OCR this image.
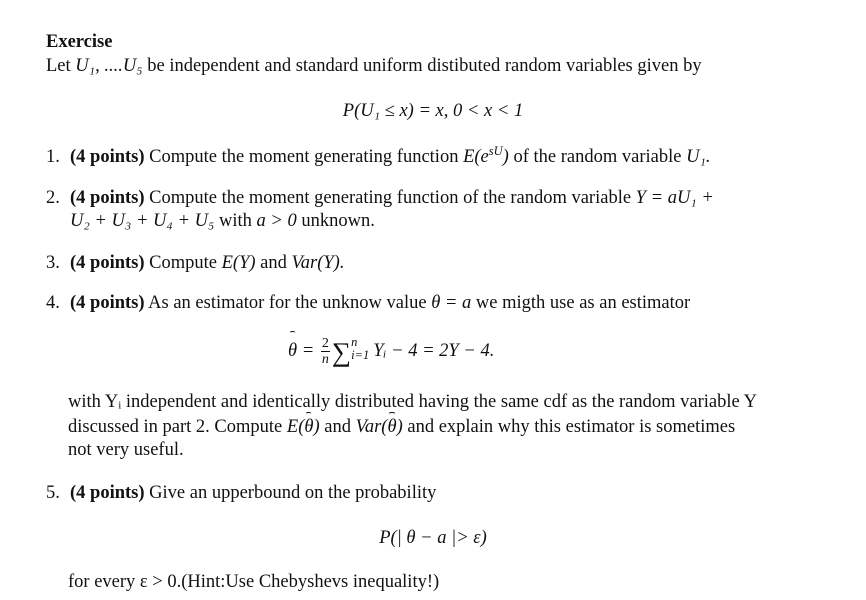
Exercise
Let U₁, ....U₅ be independent and standard uniform distibuted random variables given by
P(U₁ ≤ x) = x, 0 < x < 1
1. (4 points) Compute the moment generating function $E(e^{sU})$ of the random variable U₁.
2. (4 points) Compute the moment generating function of the random variable Y = aU₁ +
U₂ + U₃ + U₄ + U₅ with a > 0 unknown.
3. (4 points) Compute E(Y) and Var(Y).
4. (4 points) As an estimator for the unknow value θ = a we migth use as an estimator
$\theta = \frac{2}{n}$ ∑ n
i=1 Yᵢ − 4 = 2Y − 4.
with Yᵢ independent and identically distributed having the same cdf as the random variable Y
discussed in part 2. Compute E(θ) and Var(θ) and explain why this estimator is sometimes
not very useful.
5. (4 points) Give an upperbound on the probability
P(| θ − a |> ε)
for every ε > 0.(Hint:Use Chebyshevs inequality!)
